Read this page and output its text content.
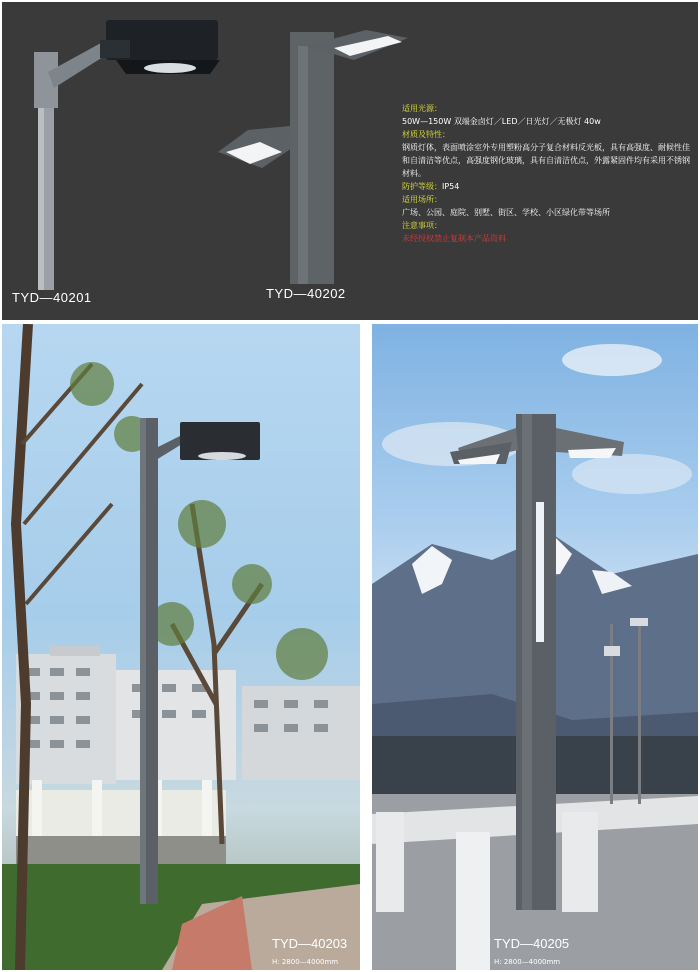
TYD—40201	TYD—40202
适用光源：
50W—150W 双端金卤灯／LED／日光灯／无极灯 40w
材质及特性：
钢质灯体，表面喷涂室外专用塑粉高分子复合材料反光板，具有高强度、耐候性佳和自清洁等优点，高强度钢化玻璃，具有自清洁优点，外露紧固件均有采用不锈钢材料。
防护等级：IP54
适用场所：
广场、公园、庭院、别墅、街区、学校、小区绿化带等场所
注意事项：
未经授权禁止复制本产品资料
TYD—40203
H: 2800—4000mm
TYD—40205
H: 2800—4000mm
